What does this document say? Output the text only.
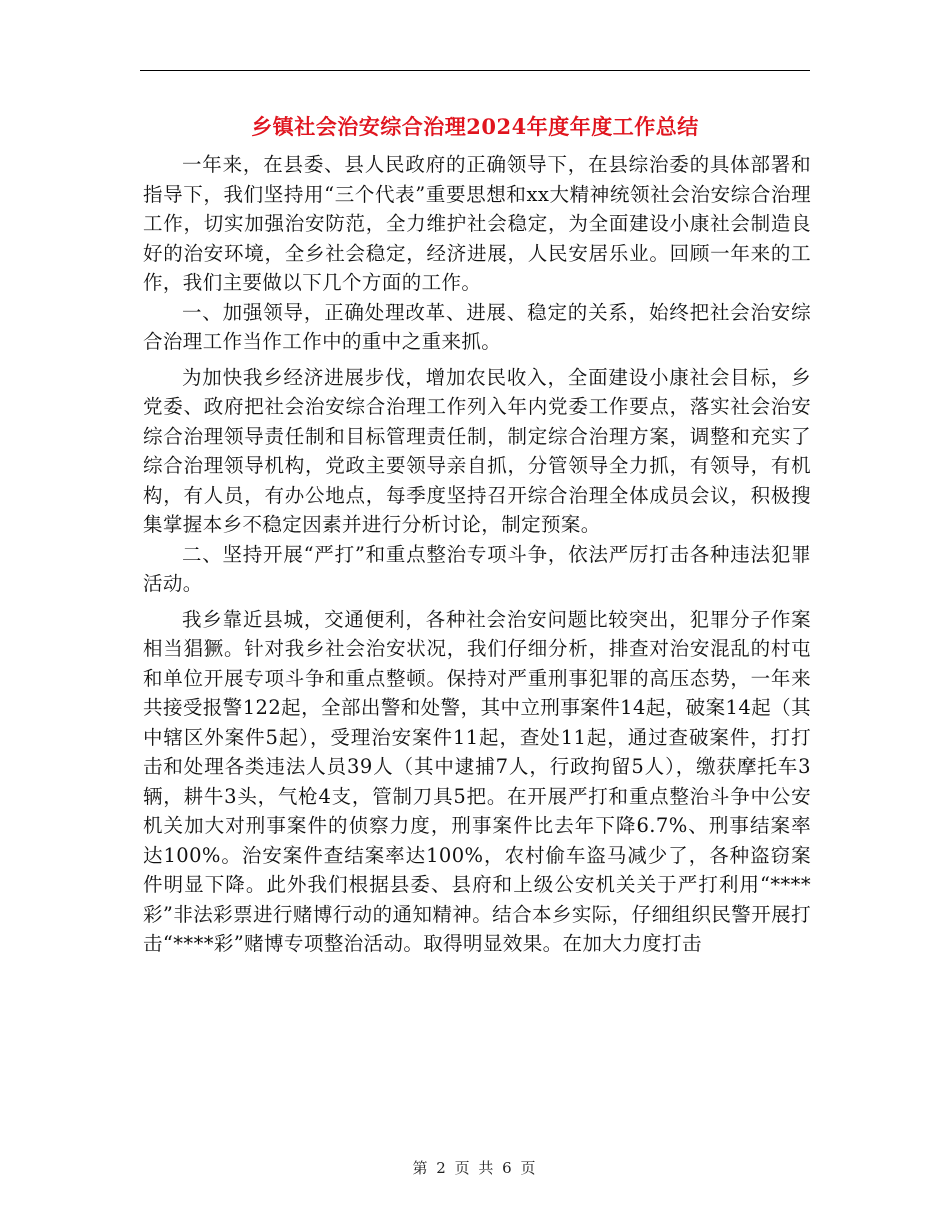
乡镇社会治安综合治理2024年度年度工作总结

一年来，在县委、县人民政府的正确领导下，在县综治委的具体部署和指导下，我们坚持用“三个代表”重要思想和xx大精神统领社会治安综合治理工作，切实加强治安防范，全力维护社会稳定，为全面建设小康社会制造良好的治安环境，全乡社会稳定，经济进展，人民安居乐业。回顾一年来的工作，我们主要做以下几个方面的工作。

一、加强领导，正确处理改革、进展、稳定的关系，始终把社会治安综合治理工作当作工作中的重中之重来抓。

为加快我乡经济进展步伐，增加农民收入，全面建设小康社会目标，乡党委、政府把社会治安综合治理工作列入年内党委工作要点，落实社会治安综合治理领导责任制和目标管理责任制，制定综合治理方案，调整和充实了综合治理领导机构，党政主要领导亲自抓，分管领导全力抓，有领导，有机构，有人员，有办公地点，每季度坚持召开综合治理全体成员会议，积极搜集掌握本乡不稳定因素并进行分析讨论，制定预案。

二、坚持开展“严打”和重点整治专项斗争，依法严厉打击各种违法犯罪活动。

我乡靠近县城，交通便利，各种社会治安问题比较突出，犯罪分子作案相当猖獗。针对我乡社会治安状况，我们仔细分析，排查对治安混乱的村屯和单位开展专项斗争和重点整顿。保持对严重刑事犯罪的高压态势，一年来共接受报警122起，全部出警和处警，其中立刑事案件14起，破案14起（其中辖区外案件5起），受理治安案件11起，查处11起，通过查破案件，打打击和处理各类违法人员39人（其中逮捕7人，行政拘留5人），缴获摩托车3辆，耕牛3头，气枪4支，管制刀具5把。在开展严打和重点整治斗争中公安机关加大对刑事案件的侦察力度，刑事案件比去年下降6.7%、刑事结案率达100%。治安案件查结案率达100%，农村偷车盗马减少了，各种盗窃案件明显下降。此外我们根据县委、县府和上级公安机关关于严打利用“****彩”非法彩票进行赌博行动的通知精神。结合本乡实际，仔细组织民警开展打击“****彩”赌博专项整治活动。取得明显效果。在加大力度打击

第 2 页 共 6 页
